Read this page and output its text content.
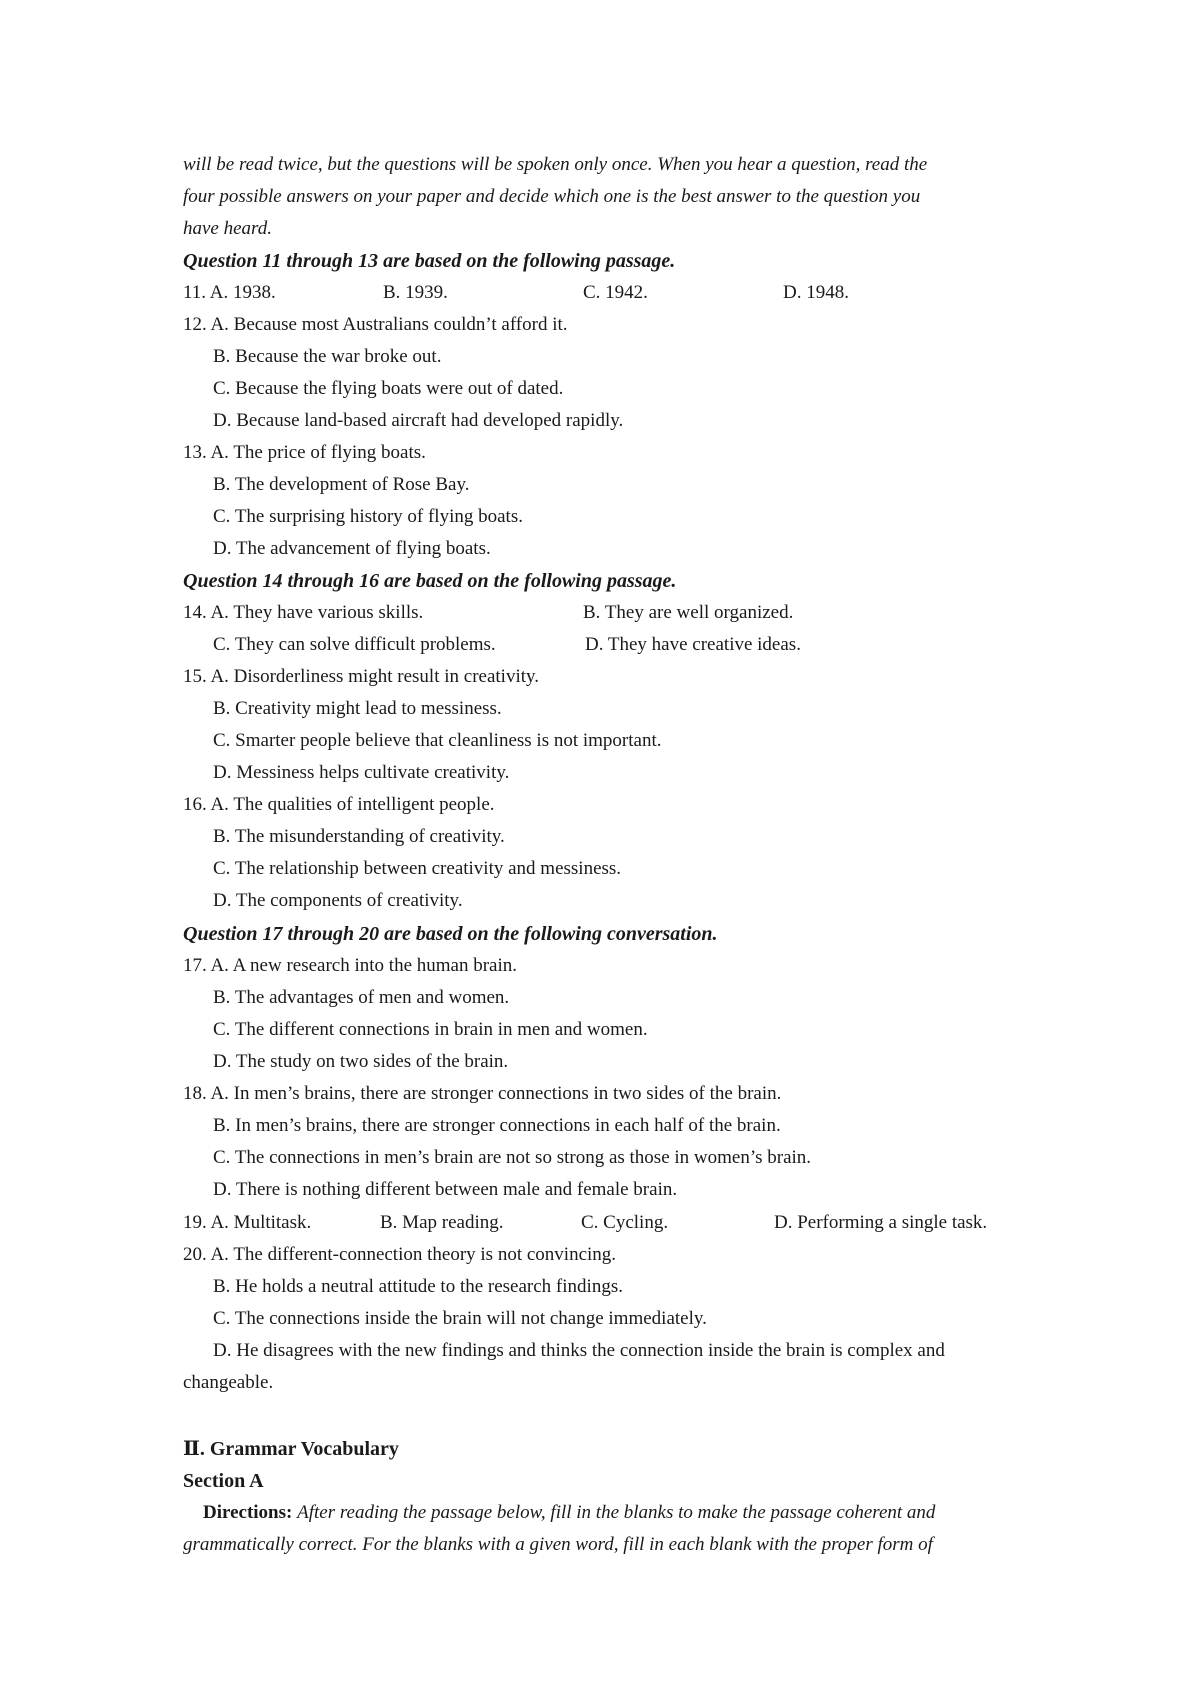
will be read twice, but the questions will be spoken only once. When you hear a question, read the
four possible answers on your paper and decide which one is the best answer to the question you
have heard.
Question 11 through 13 are based on the following passage.
11. A. 1938.	B. 1939.	C. 1942.	D. 1948.
12. A. Because most Australians couldn’t afford it.
B. Because the war broke out.
C. Because the flying boats were out of dated.
D. Because land-based aircraft had developed rapidly.
13. A. The price of flying boats.
B. The development of Rose Bay.
C. The surprising history of flying boats.
D. The advancement of flying boats.
Question 14 through 16 are based on the following passage.
14. A. They have various skills.	B. They are well organized.
C. They can solve difficult problems.	D. They have creative ideas.
15. A. Disorderliness might result in creativity.
B. Creativity might lead to messiness.
C. Smarter people believe that cleanliness is not important.
D. Messiness helps cultivate creativity.
16. A. The qualities of intelligent people.
B. The misunderstanding of creativity.
C. The relationship between creativity and messiness.
D. The components of creativity.
Question 17 through 20 are based on the following conversation.
17. A. A new research into the human brain.
B. The advantages of men and women.
C. The different connections in brain in men and women.
D. The study on two sides of the brain.
18. A. In men’s brains, there are stronger connections in two sides of the brain.
B. In men’s brains, there are stronger connections in each half of the brain.
C. The connections in men’s brain are not so strong as those in women’s brain.
D. There is nothing different between male and female brain.
19. A. Multitask.	B. Map reading.	C. Cycling.	D. Performing a single task.
20. A. The different-connection theory is not convincing.
B. He holds a neutral attitude to the research findings.
C. The connections inside the brain will not change immediately.
D. He disagrees with the new findings and thinks the connection inside the brain is complex and
changeable.
Ⅱ. Grammar Vocabulary
Section A
Directions: After reading the passage below, fill in the blanks to make the passage coherent and
grammatically correct. For the blanks with a given word, fill in each blank with the proper form of
